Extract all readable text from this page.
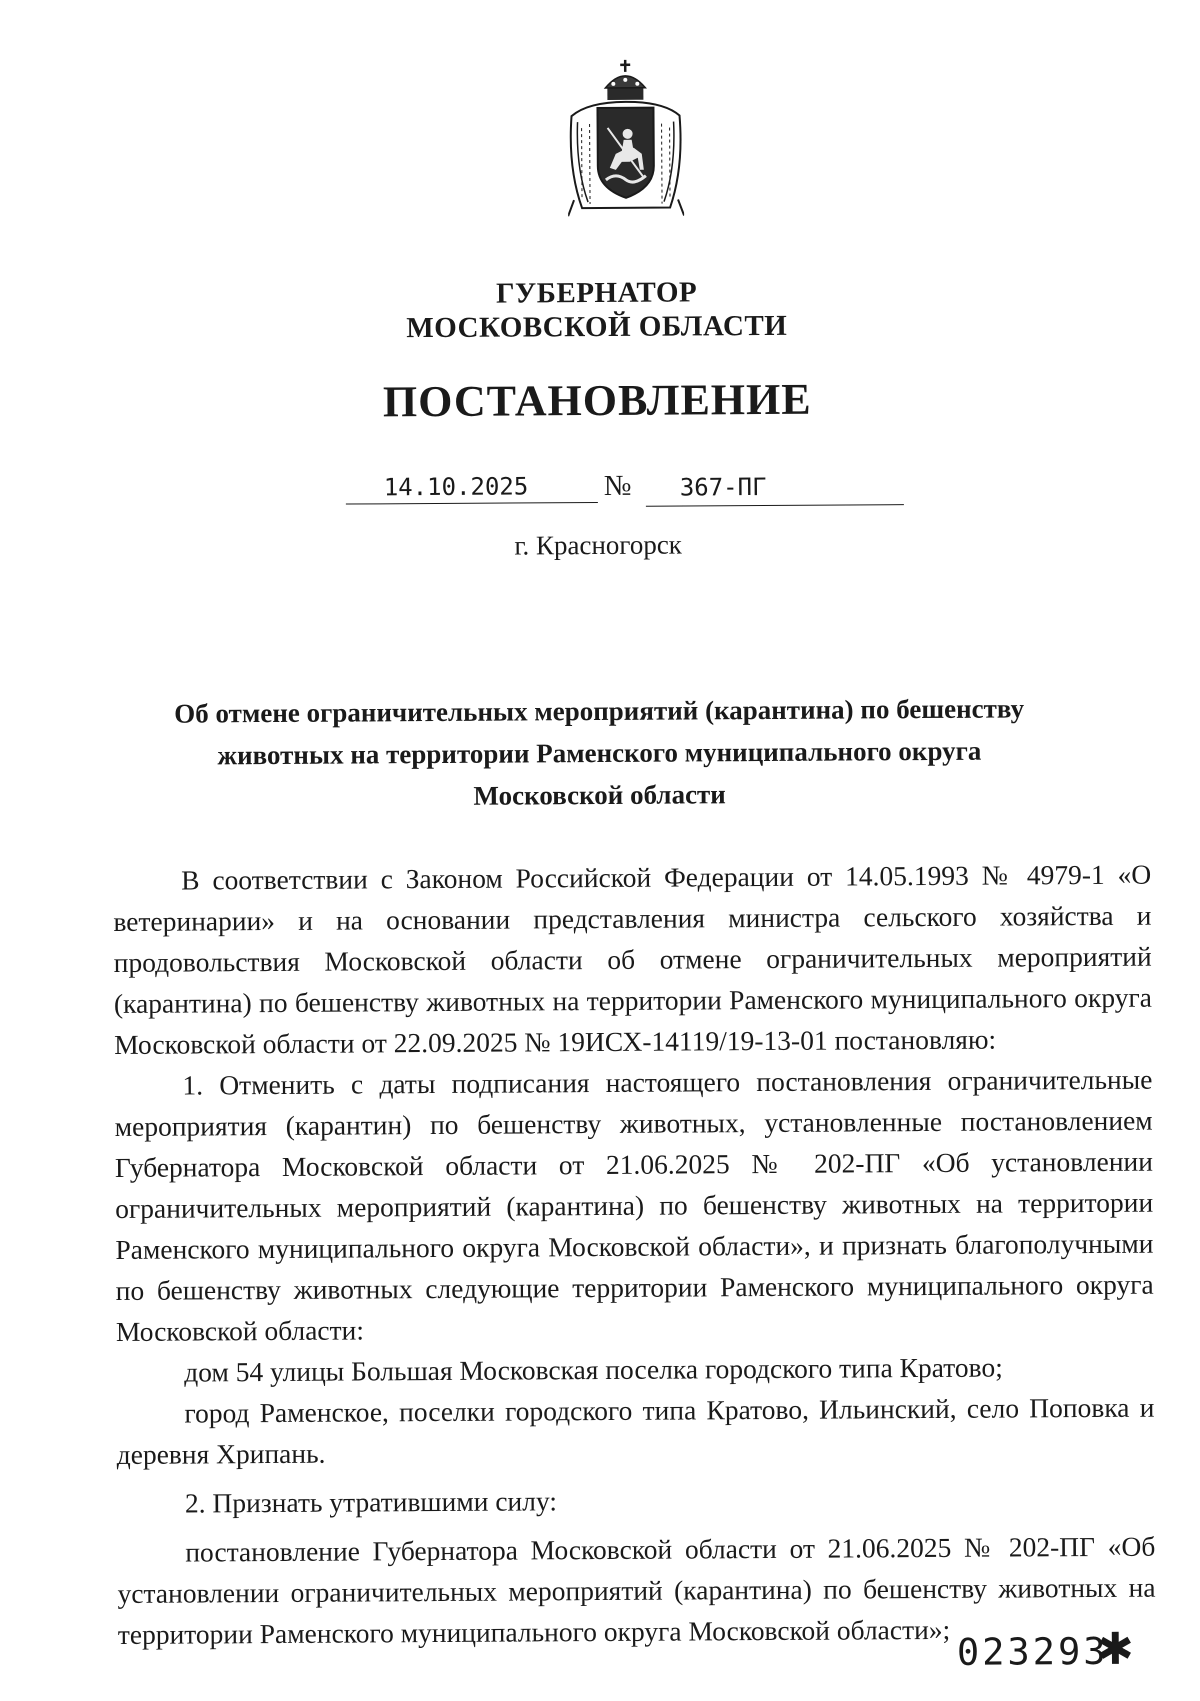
ГУБЕРНАТОР
МОСКОВСКОЙ ОБЛАСТИ
ПОСТАНОВЛЕНИЕ
14.10.2025	№ 367-ПГ
г. Красногорск
Об отмене ограничительных мероприятий (карантина) по бешенству животных на территории Раменского муниципального округа Московской области

В соответствии с Законом Российской Федерации от 14.05.1993 № 4979-1 «О ветеринарии» и на основании представления министра сельского хозяйства и продовольствия Московской области об отмене ограничительных мероприятий (карантина) по бешенству животных на территории Раменского муниципального округа Московской области от 22.09.2025 № 19ИСХ-14119/19-13-01 постановляю:

1. Отменить с даты подписания настоящего постановления ограничительные мероприятия (карантин) по бешенству животных, установленные постановлением Губернатора Московской области от 21.06.2025 № 202-ПГ «Об установлении ограничительных мероприятий (карантина) по бешенству животных на территории Раменского муниципального округа Московской области», и признать благополучными по бешенству животных следующие территории Раменского муниципального округа Московской области:

дом 54 улицы Большая Московская поселка городского типа Кратово;

город Раменское, поселки городского типа Кратово, Ильинский, село Поповка и деревня Хрипань.

2. Признать утратившими силу:

постановление Губернатора Московской области от 21.06.2025 № 202-ПГ «Об установлении ограничительных мероприятий (карантина) по бешенству животных на территории Раменского муниципального округа Московской области»; 023293
✱
